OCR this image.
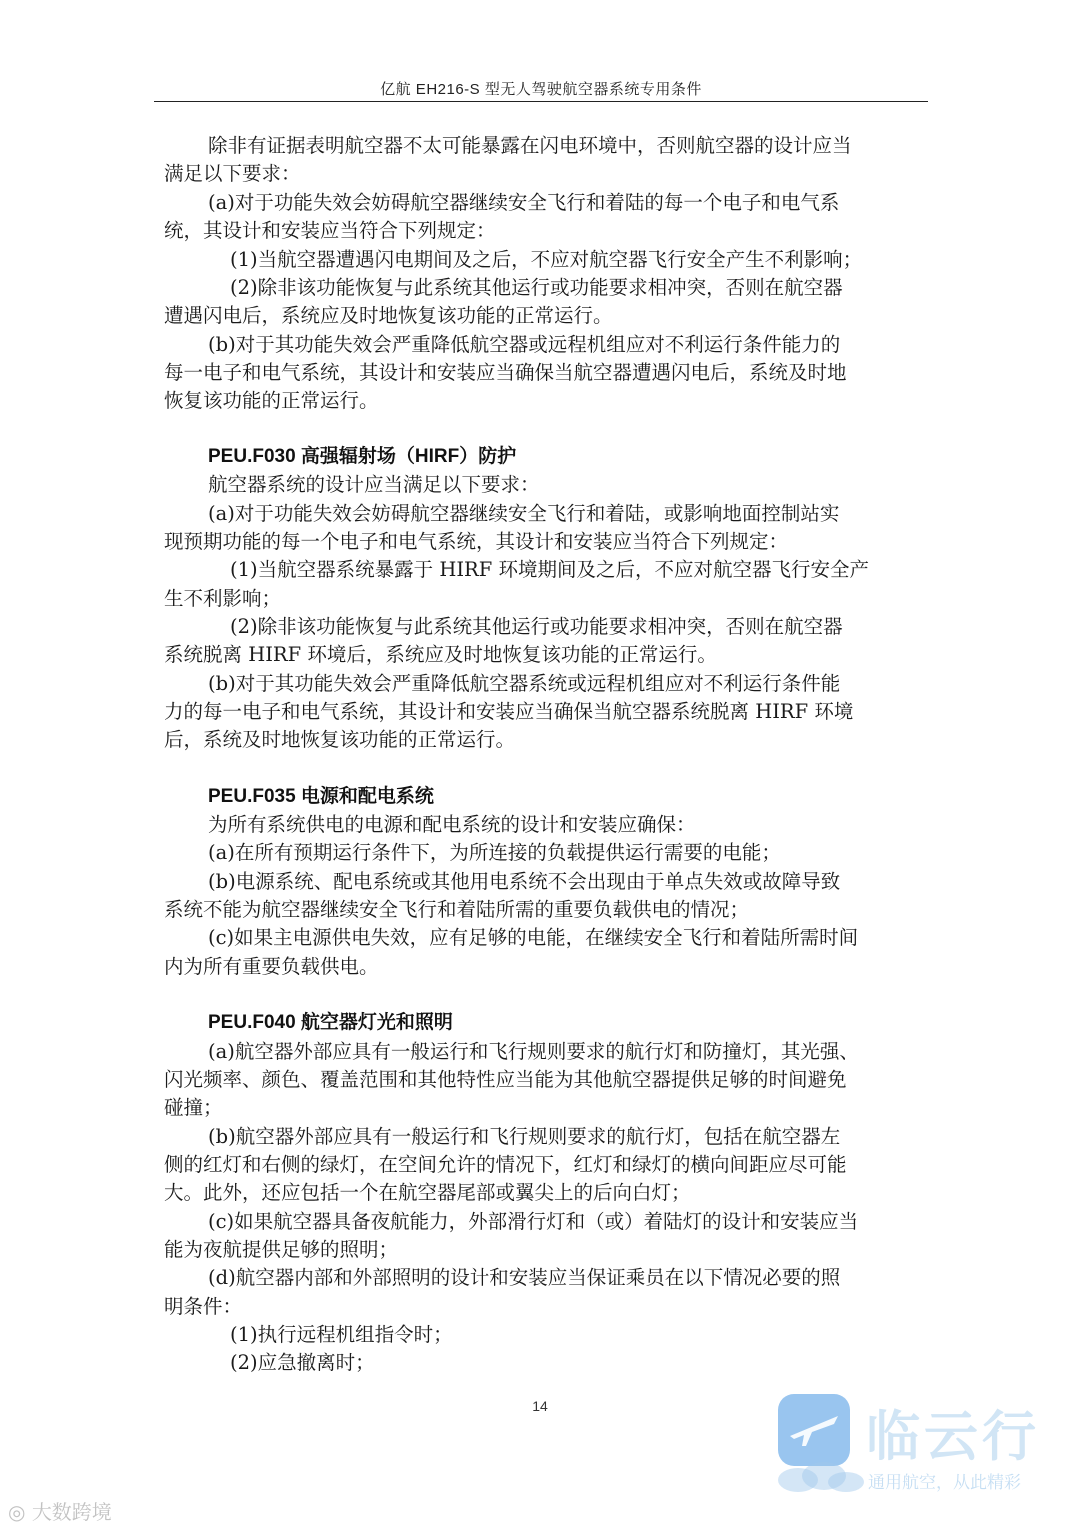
亿航 EH216-S 型无人驾驶航空器系统专用条件

除非有证据表明航空器不太可能暴露在闪电环境中，否则航空器的设计应当

满足以下要求：

(a)对于功能失效会妨碍航空器继续安全飞行和着陆的每一个电子和电气系

统，其设计和安装应当符合下列规定：

(1)当航空器遭遇闪电期间及之后，不应对航空器飞行安全产生不利影响；

(2)除非该功能恢复与此系统其他运行或功能要求相冲突，否则在航空器

遭遇闪电后，系统应及时地恢复该功能的正常运行。

(b)对于其功能失效会严重降低航空器或远程机组应对不利运行条件能力的

每一电子和电气系统，其设计和安装应当确保当航空器遭遇闪电后，系统及时地

恢复该功能的正常运行。

PEU.F030 高强辐射场（HIRF）防护

航空器系统的设计应当满足以下要求：

(a)对于功能失效会妨碍航空器继续安全飞行和着陆，或影响地面控制站实

现预期功能的每一个电子和电气系统，其设计和安装应当符合下列规定：

(1)当航空器系统暴露于 HIRF 环境期间及之后，不应对航空器飞行安全产

生不利影响；

(2)除非该功能恢复与此系统其他运行或功能要求相冲突，否则在航空器

系统脱离 HIRF 环境后，系统应及时地恢复该功能的正常运行。

(b)对于其功能失效会严重降低航空器系统或远程机组应对不利运行条件能

力的每一电子和电气系统，其设计和安装应当确保当航空器系统脱离 HIRF 环境

后，系统及时地恢复该功能的正常运行。

PEU.F035 电源和配电系统

为所有系统供电的电源和配电系统的设计和安装应确保：

(a)在所有预期运行条件下，为所连接的负载提供运行需要的电能；

(b)电源系统、配电系统或其他用电系统不会出现由于单点失效或故障导致

系统不能为航空器继续安全飞行和着陆所需的重要负载供电的情况；

(c)如果主电源供电失效，应有足够的电能，在继续安全飞行和着陆所需时间

内为所有重要负载供电。

PEU.F040 航空器灯光和照明

(a)航空器外部应具有一般运行和飞行规则要求的航行灯和防撞灯，其光强、

闪光频率、颜色、覆盖范围和其他特性应当能为其他航空器提供足够的时间避免

碰撞；

(b)航空器外部应具有一般运行和飞行规则要求的航行灯，包括在航空器左

侧的红灯和右侧的绿灯，在空间允许的情况下，红灯和绿灯的横向间距应尽可能

大。此外，还应包括一个在航空器尾部或翼尖上的后向白灯；

(c)如果航空器具备夜航能力，外部滑行灯和（或）着陆灯的设计和安装应当

能为夜航提供足够的照明；

(d)航空器内部和外部照明的设计和安装应当保证乘员在以下情况必要的照

明条件：

(1)执行远程机组指令时；

(2)应急撤离时；

14	临云行
通用航空，从此精彩
◎ 大数跨境
